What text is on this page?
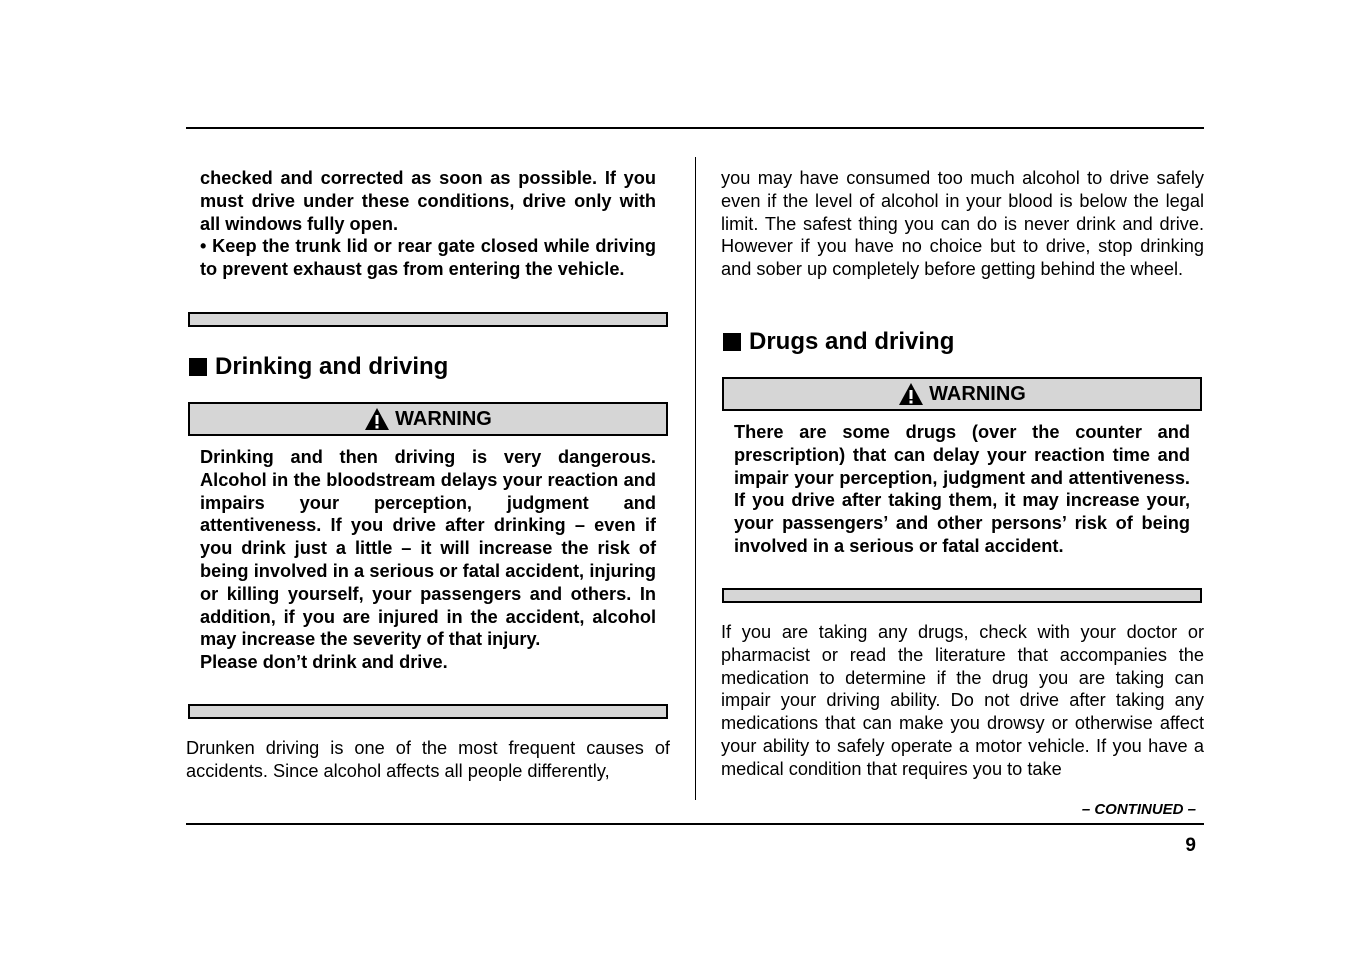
checked and corrected as soon as possible. If you must drive under these conditions, drive only with all windows fully open.

• Keep the trunk lid or rear gate closed while driving to prevent exhaust gas from entering the vehicle.

Drinking and driving
WARNING

Drinking and then driving is very dangerous. Alcohol in the bloodstream delays your reaction and impairs your perception, judgment and attentiveness. If you drive after drinking – even if you drink just a little – it will increase the risk of being involved in a serious or fatal accident, injuring or killing yourself, your passengers and others. In addition, if you are injured in the accident, alcohol may increase the severity of that injury.

Please don’t drink and drive.

Drunken driving is one of the most frequent causes of accidents. Since alcohol affects all people differently,

you may have consumed too much alcohol to drive safely even if the level of alcohol in your blood is below the legal limit. The safest thing you can do is never drink and drive. However if you have no choice but to drive, stop drinking and sober up completely before getting behind the wheel.

Drugs and driving
WARNING

There are some drugs (over the counter and prescription) that can delay your reaction time and impair your perception, judgment and attentiveness. If you drive after taking them, it may increase your, your passengers’ and other persons’ risk of being involved in a serious or fatal accident.

If you are taking any drugs, check with your doctor or pharmacist or read the literature that accompanies the medication to determine if the drug you are taking can impair your driving ability. Do not drive after taking any medications that can make you drowsy or otherwise affect your ability to safely operate a motor vehicle. If you have a medical condition that requires you to take

– CONTINUED –
9
